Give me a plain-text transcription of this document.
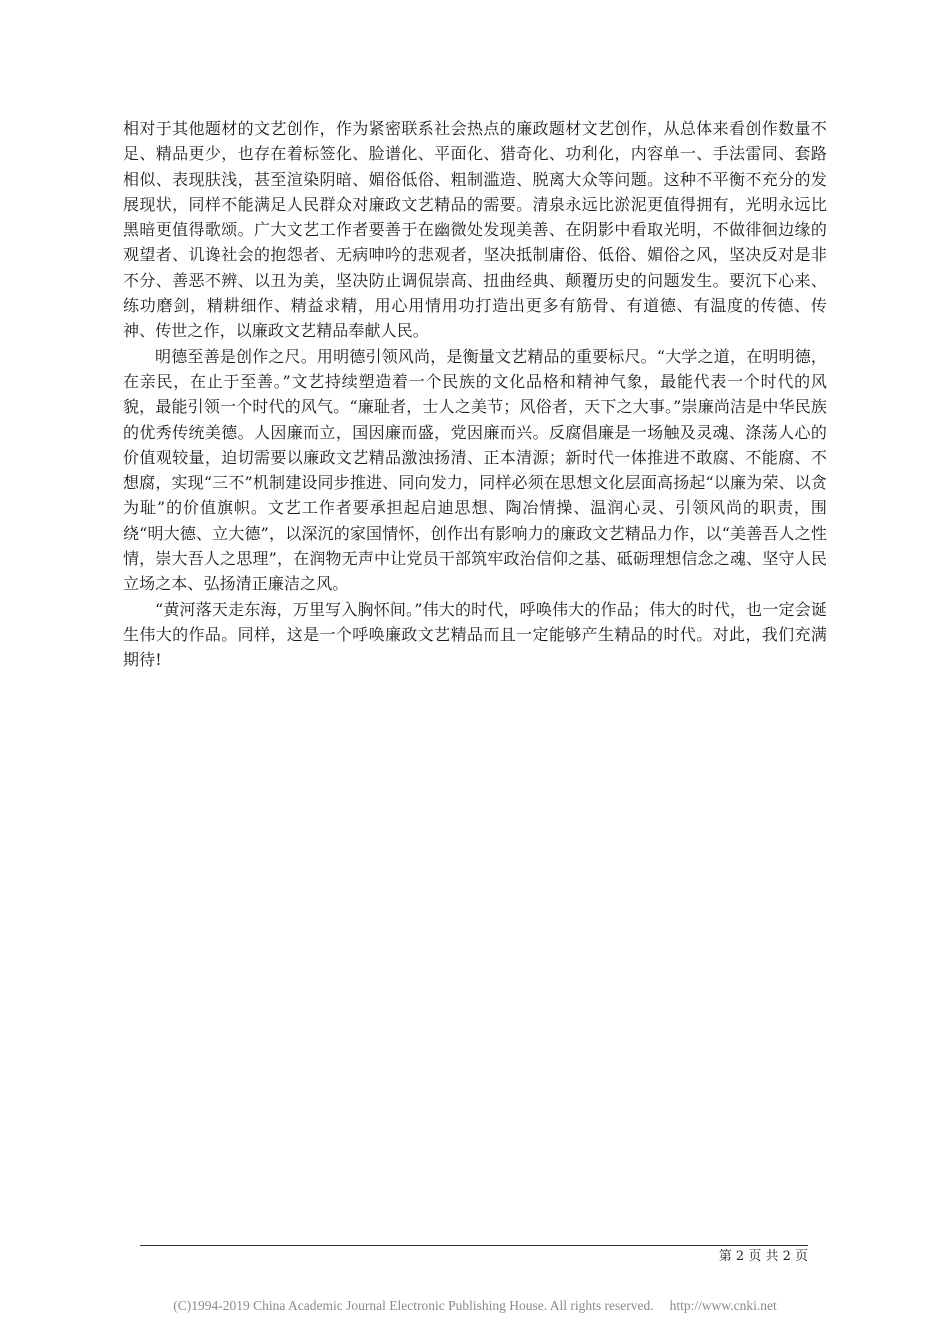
相对于其他题材的文艺创作，作为紧密联系社会热点的廉政题材文艺创作，从总体来看创作数量不足、精品更少，也存在着标签化、脸谱化、平面化、猎奇化、功利化，内容单一、手法雷同、套路相似、表现肤浅，甚至渲染阴暗、媚俗低俗、粗制滥造、脱离大众等问题。这种不平衡不充分的发展现状，同样不能满足人民群众对廉政文艺精品的需要。清泉永远比淤泥更值得拥有，光明永远比黑暗更值得歌颂。广大文艺工作者要善于在幽微处发现美善、在阴影中看取光明，不做徘徊边缘的观望者、讥谗社会的抱怨者、无病呻吟的悲观者，坚决抵制庸俗、低俗、媚俗之风，坚决反对是非不分、善恶不辨、以丑为美，坚决防止调侃崇高、扭曲经典、颠覆历史的问题发生。要沉下心来、练功磨剑，精耕细作、精益求精，用心用情用功打造出更多有筋骨、有道德、有温度的传德、传神、传世之作，以廉政文艺精品奉献人民。

明德至善是创作之尺。用明德引领风尚，是衡量文艺精品的重要标尺。“大学之道，在明明德，在亲民，在止于至善。”文艺持续塑造着一个民族的文化品格和精神气象，最能代表一个时代的风貌，最能引领一个时代的风气。“廉耻者，士人之美节；风俗者，天下之大事。”崇廉尚洁是中华民族的优秀传统美德。人因廉而立，国因廉而盛，党因廉而兴。反腐倡廉是一场触及灵魂、涤荡人心的价值观较量，迫切需要以廉政文艺精品激浊扬清、正本清源；新时代一体推进不敢腐、不能腐、不想腐，实现“三不”机制建设同步推进、同向发力，同样必须在思想文化层面高扬起“以廉为荣、以贪为耻”的价值旗帜。文艺工作者要承担起启迪思想、陶冶情操、温润心灵、引领风尚的职责，围绕“明大德、立大德”，以深沉的家国情怀，创作出有影响力的廉政文艺精品力作，以“美善吾人之性情，崇大吾人之思理”，在润物无声中让党员干部筑牢政治信仰之基、砥砺理想信念之魂、坚守人民立场之本、弘扬清正廉洁之风。

“黄河落天走东海，万里写入胸怀间。”伟大的时代，呼唤伟大的作品；伟大的时代，也一定会诞生伟大的作品。同样，这是一个呼唤廉政文艺精品而且一定能够产生精品的时代。对此，我们充满期待!

第 2 页 共 2 页
(C)1994-2019 China Academic Journal Electronic Publishing House. All rights reserved. http://www.cnki.net
